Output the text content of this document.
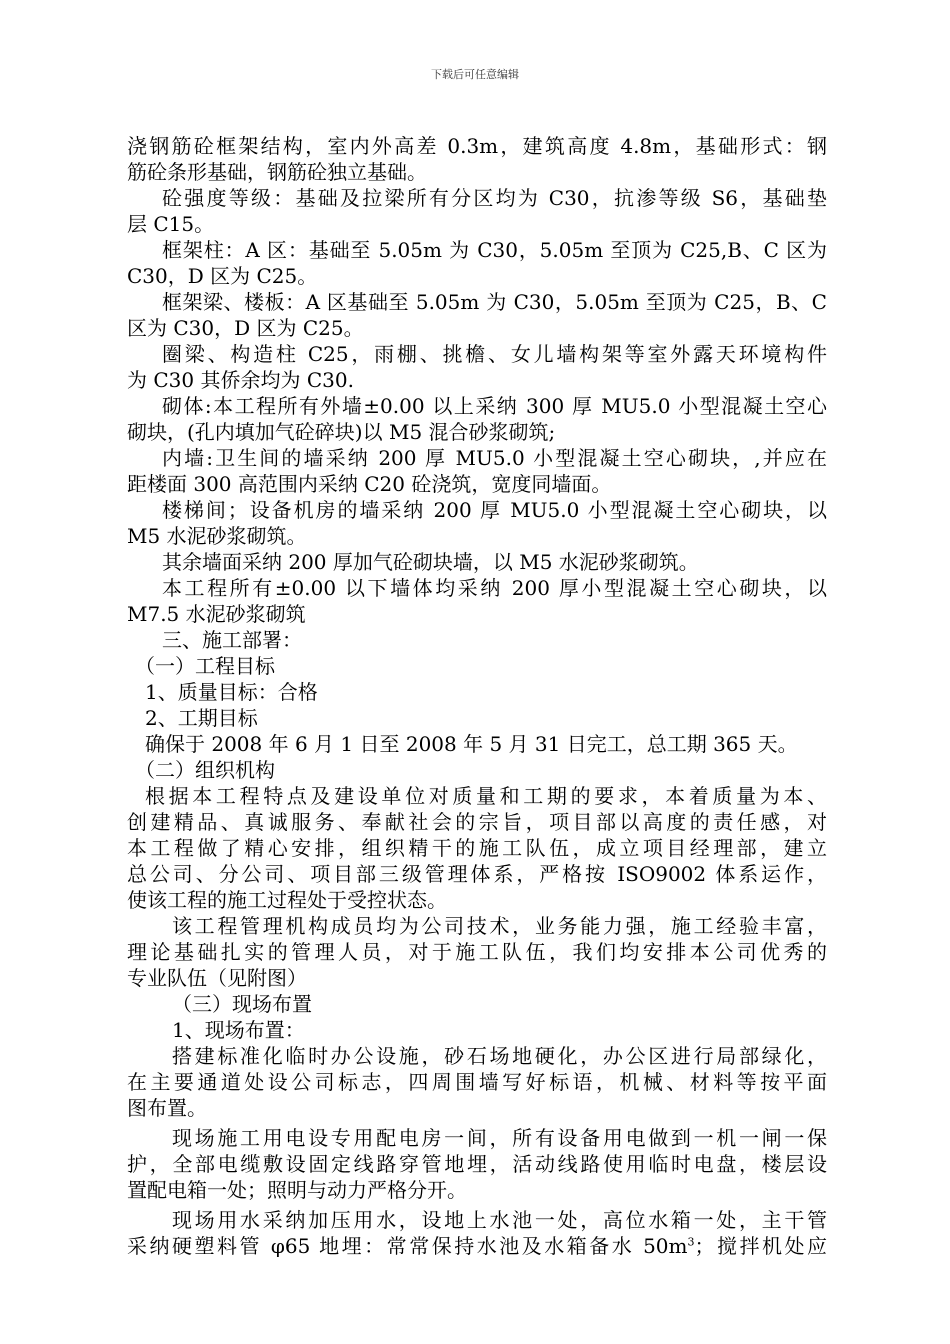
下载后可任意编辑
浇钢筋砼框架结构，室内外高差 0.3m，建筑高度 4.8m，基础形式：钢
筋砼条形基础，钢筋砼独立基础。
砼强度等级：基础及拉梁所有分区均为 C30，抗渗等级 S6，基础垫
层 C15。
框架柱：A 区：基础至 5.05m 为 C30，5.05m 至顶为 C25,B、C 区为
C30，D 区为 C25。
框架梁、楼板：A 区基础至 5.05m 为 C30，5.05m 至顶为 C25，B、C
区为 C30，D 区为 C25。
圈梁、构造柱 C25，雨棚、挑檐、女儿墙构架等室外露天环境构件
为 C30 其侨余均为 C30.
砌体:本工程所有外墙±0.00 以上采纳 300 厚 MU5.0 小型混凝土空心
砌块，(孔内填加气砼碎块)以 M5 混合砂浆砌筑;
内墙:卫生间的墙采纳 200 厚 MU5.0 小型混凝土空心砌块，,并应在
距楼面 300 高范围内采纳 C20 砼浇筑，宽度同墙面。
楼梯间；设备机房的墙采纳 200 厚 MU5.0 小型混凝土空心砌块，以
M5 水泥砂浆砌筑。
其余墙面采纳 200 厚加气砼砌块墙，以 M5 水泥砂浆砌筑。
本工程所有±0.00 以下墙体均采纳 200 厚小型混凝土空心砌块，以
M7.5 水泥砂浆砌筑
三、施工部署：
（一）工程目标
1、质量目标：合格
2、工期目标
确保于 2008 年 6 月 1 日至 2008 年 5 月 31 日完工，总工期 365 天。
（二）组织机构
根据本工程特点及建设单位对质量和工期的要求，本着质量为本、
创建精品、真诚服务、奉献社会的宗旨，项目部以高度的责任感，对
本工程做了精心安排，组织精干的施工队伍，成立项目经理部，建立
总公司、分公司、项目部三级管理体系，严格按 ISO9002 体系运作，
使该工程的施工过程处于受控状态。
该工程管理机构成员均为公司技术，业务能力强，施工经验丰富，
理论基础扎实的管理人员，对于施工队伍，我们均安排本公司优秀的
专业队伍（见附图）
（三）现场布置
1、现场布置：
搭建标准化临时办公设施，砂石场地硬化，办公区进行局部绿化，
在主要通道处设公司标志，四周围墙写好标语，机械、材料等按平面
图布置。
现场施工用电设专用配电房一间，所有设备用电做到一机一闸一保
护，全部电缆敷设固定线路穿管地埋，活动线路使用临时电盘，楼层设
置配电箱一处；照明与动力严格分开。
现场用水采纳加压用水，设地上水池一处，高位水箱一处，主干管
采纳硬塑料管 φ65 地埋：常常保持水池及水箱备水 $50m^3$；搅拌机处应
